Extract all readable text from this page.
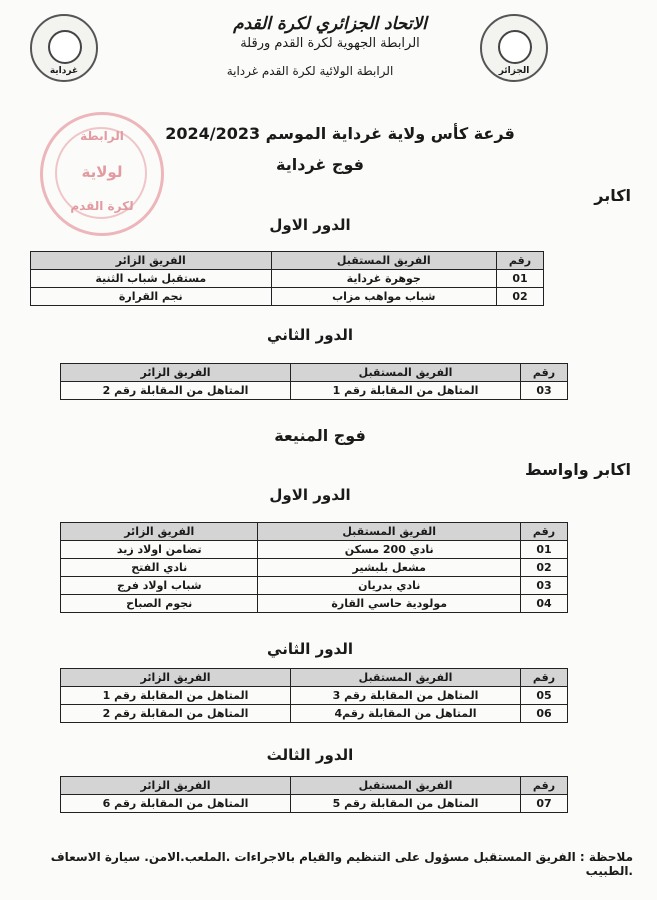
الاتحاد الجزائري لكرة القدم
الرابطة الجهوية لكرة القدم ورقلة
الرابطة الولائية لكرة القدم غرداية	الجزائر
غرداية
الرابطة
لولاية
لكرة القدم
قرعة كأس ولاية غرداية الموسم 2024/2023
فوج غرداية
اكابر
الدور الاول
رقم	الفريق المستقبل	الفريق الزائر
01	جوهرة غرداية	مستقبل شباب الثنية
02	شباب مواهب مزاب	نجم القرارة
الدور الثاني
رقم	الفريق المستقبل	الفريق الزائر
03	المتاهل من المقابلة رقم 1	المتاهل من المقابلة رقم 2
فوج المنيعة
اكابر واواسط
الدور الاول
رقم	الفريق المستقبل	الفريق الزائر
01	نادي 200 مسكن	تضامن اولاد زيد
02	مشعل بلبشير	نادي الفتح
03	نادي بدريان	شباب اولاد فرج
04	مولودية حاسي القارة	نجوم الصباح
الدور الثاني
رقم	الفريق المستقبل	الفريق الزائر
05	المتاهل من المقابلة رقم 3	المتاهل من المقابلة رقم 1
06	المتاهل من المقابلة رقم4	المتاهل من المقابلة رقم 2
الدور الثالث
رقم	الفريق المستقبل	الفريق الزائر
07	المتاهل من المقابلة رقم 5	المتاهل من المقابلة رقم 6
ملاحظة : الفريق المستقبل مسؤول على التنظيم والقيام بالاجراءات .الملعب.الامن. سيارة الاسعاف .الطبيب
